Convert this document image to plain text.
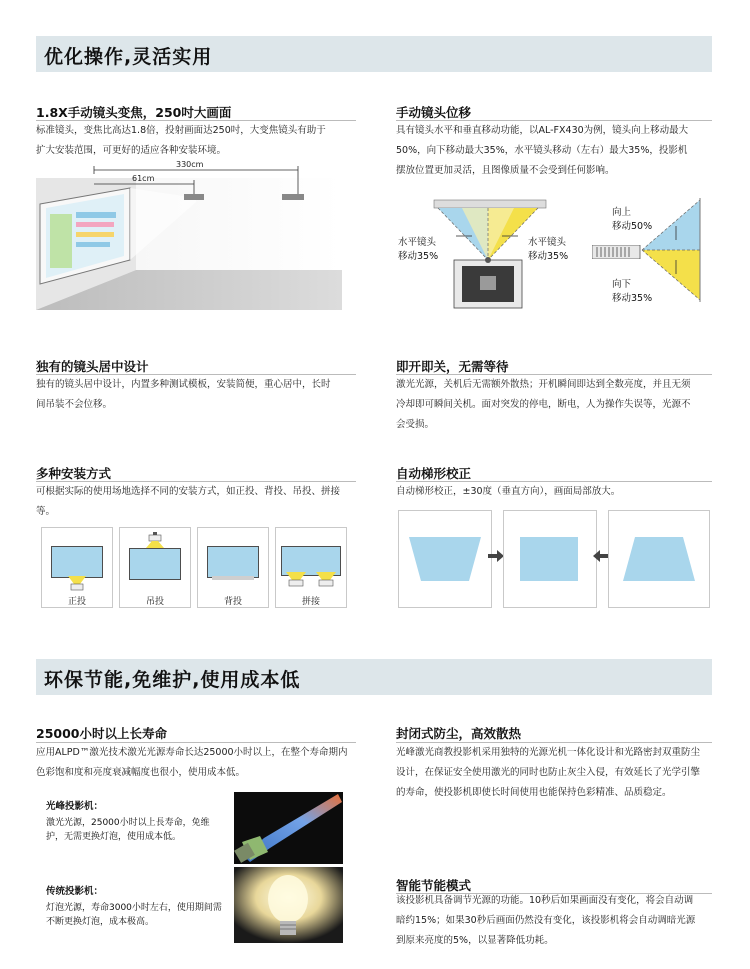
优化操作,灵活实用
1.8X手动镜头变焦，250吋大画面
标准镜头，变焦比高达1.8倍，投射画面达250吋，大变焦镜头有助于扩大安装范围，可更好的适应各种安装环境。
330cm
61cm
手动镜头位移
具有镜头水平和垂直移动功能，以AL-FX430为例，镜头向上移动最大50%，向下移动最大35%，水平镜头移动（左右）最大35%，投影机摆放位置更加灵活，且图像质量不会受到任何影响。
水平镜头
移动35%
水平镜头
移动35%
向上
移动50%
向下
移动35%
独有的镜头居中设计
独有的镜头居中设计，内置多种测试模板，安装简便，重心居中，长时间吊装不会位移。
即开即关，无需等待
激光光源，关机后无需额外散热；开机瞬间即达到全数亮度，并且无须冷却即可瞬间关机。面对突发的停电，断电，人为操作失误等，光源不会受损。
多种安装方式
可根据实际的使用场地选择不同的安装方式，如正投、背投、吊投、拼接等。
正投	吊投	背投	拼接
自动梯形校正
自动梯形校正，±30度（垂直方向），画面局部放大。
环保节能,免维护,使用成本低
25000小时以上长寿命
应用ALPD™激光技术激光光源寿命长达25000小时以上，在整个寿命期内色彩饱和度和亮度衰减幅度也很小，使用成本低。
光峰投影机：
激光光源，25000小时以上長寿命，免维护，无需更换灯泡，使用成本低。
传统投影机：
灯泡光源，寿命3000小时左右，使用期间需不断更换灯泡，成本极高。
封闭式防尘，高效散热
光峰激光商教投影机采用独特的光源光机一体化设计和光路密封双重防尘设计，在保证安全使用激光的同时也防止灰尘入侵，有效延长了光学引擎的寿命，使投影机即使长时间使用也能保持色彩精准、品质稳定。
智能节能模式
该投影机具备调节光源的功能。10秒后如果画面没有变化，将会自动调暗约15%；如果30秒后画面仍然没有变化，该投影机将会自动调暗光源到原来亮度的5%，以显著降低功耗。
